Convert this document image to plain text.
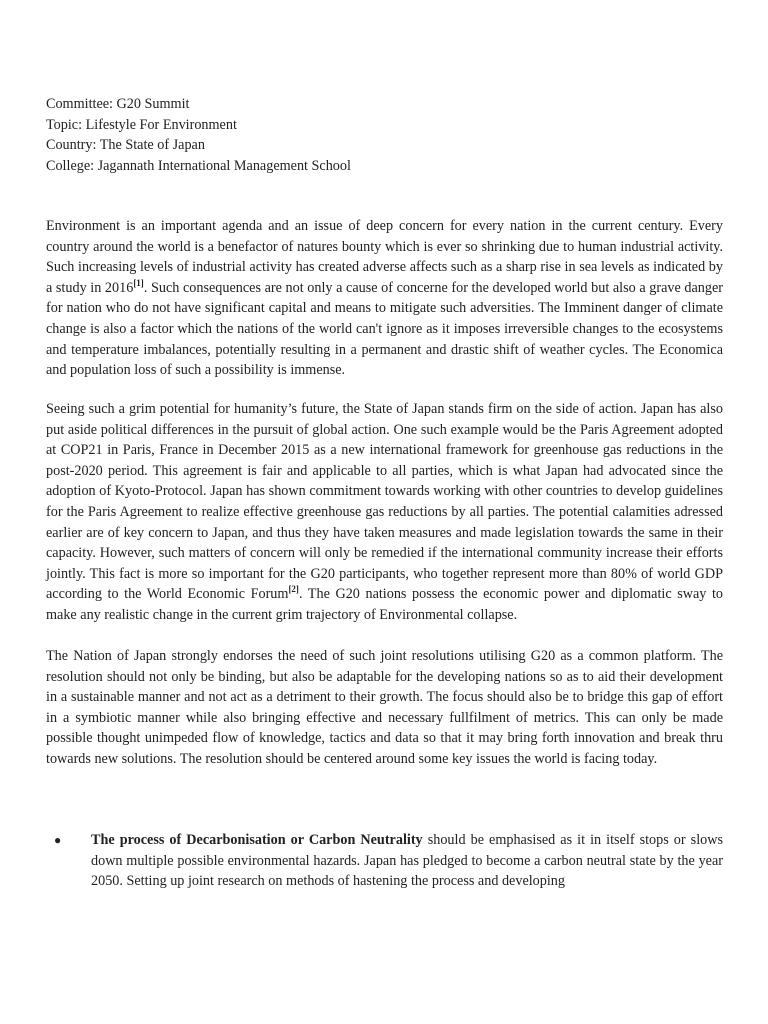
Committee: G20 Summit
Topic: Lifestyle For Environment
Country: The State of Japan
College: Jagannath International Management School

Environment is an important agenda and an issue of deep concern for every nation in the current century. Every country around the world is a benefactor of natures bounty which is ever so shrinking due to human industrial activity. Such increasing levels of industrial activity has created adverse affects such as a sharp rise in sea levels as indicated by a study in 2016[1]. Such consequences are not only a cause of concerne for the developed world but also a grave danger for nation who do not have significant capital and means to mitigate such adversities. The Imminent danger of climate change is also a factor which the nations of the world can't ignore as it imposes irreversible changes to the ecosystems and temperature imbalances, potentially resulting in a permanent and drastic shift of weather cycles. The Economica and population loss of such a possibility is immense.

Seeing such a grim potential for humanity’s future, the State of Japan stands firm on the side of action. Japan has also put aside political differences in the pursuit of global action. One such example would be the Paris Agreement adopted at COP21 in Paris, France in December 2015 as a new international framework for greenhouse gas reductions in the post-2020 period. This agreement is fair and applicable to all parties, which is what Japan had advocated since the adoption of Kyoto-Protocol. Japan has shown commitment towards working with other countries to develop guidelines for the Paris Agreement to realize effective greenhouse gas reductions by all parties. The potential calamities adressed earlier are of key concern to Japan, and thus they have taken measures and made legislation towards the same in their capacity. However, such matters of concern will only be remedied if the international community increase their efforts jointly. This fact is more so important for the G20 participants, who together represent more than 80% of world GDP according to the World Economic Forum[2]. The G20 nations possess the economic power and diplomatic sway to make any realistic change in the current grim trajectory of Environmental collapse.

The Nation of Japan strongly endorses the need of such joint resolutions utilising G20 as a common platform. The resolution should not only be binding, but also be adaptable for the developing nations so as to aid their development in a sustainable manner and not act as a detriment to their growth. The focus should also be to bridge this gap of effort in a symbiotic manner while also bringing effective and necessary fullfilment of metrics. This can only be made possible thought unimpeded flow of knowledge, tactics and data so that it may bring forth innovation and break thru towards new solutions. The resolution should be centered around some key issues the world is facing today.

● The process of Decarbonisation or Carbon Neutrality should be emphasised as it in itself stops or slows down multiple possible environmental hazards. Japan has pledged to become a carbon neutral state by the year 2050. Setting up joint research on methods of hastening the process and developing
